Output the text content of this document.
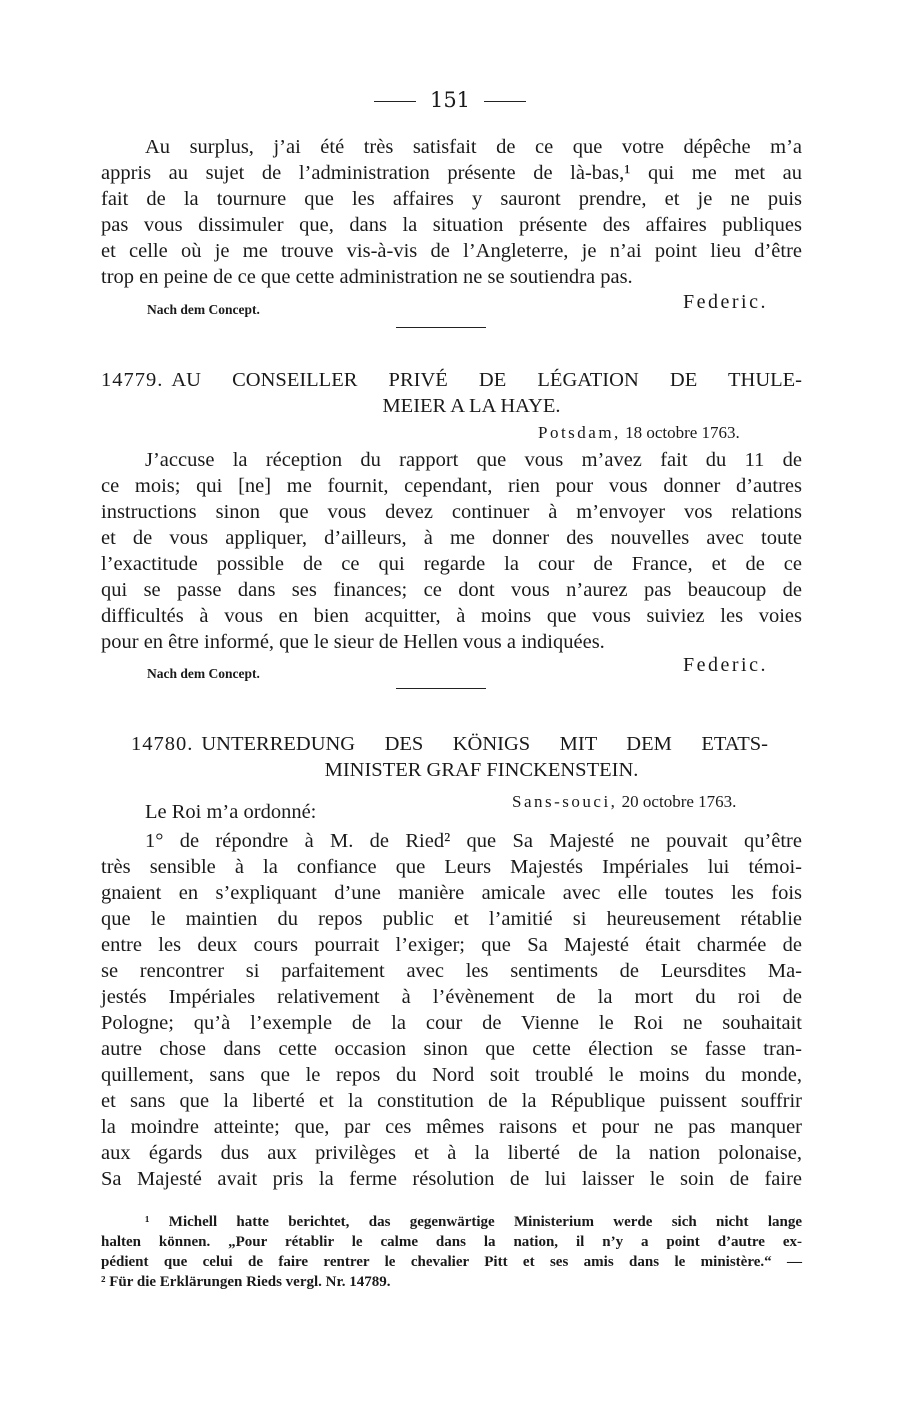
151
Au surplus, j’ai été très satisfait de ce que votre dépêche m’a
appris au sujet de l’administration présente de là-bas,¹ qui me met au
fait de la tournure que les affaires y sauront prendre, et je ne puis
pas vous dissimuler que, dans la situation présente des affaires publiques
et celle où je me trouve vis-à-vis de l’Angleterre, je n’ai point lieu d’être
trop en peine de ce que cette administration ne se soutiendra pas.
Nach dem Concept.	Federic.
14779. AU CONSEILLER PRIVÉ DE LÉGATION DE THULE-
MEIER A LA HAYE.
Potsdam, 18 octobre 1763.
J’accuse la réception du rapport que vous m’avez fait du 11 de
ce mois; qui [ne] me fournit, cependant, rien pour vous donner d’autres
instructions sinon que vous devez continuer à m’envoyer vos relations
et de vous appliquer, d’ailleurs, à me donner des nouvelles avec toute
l’exactitude possible de ce qui regarde la cour de France, et de ce
qui se passe dans ses finances; ce dont vous n’aurez pas beaucoup de
difficultés à vous en bien acquitter, à moins que vous suiviez les voies
pour en être informé, que le sieur de Hellen vous a indiquées.
Nach dem Concept.	Federic.
14780. UNTERREDUNG DES KÖNIGS MIT DEM ETATS-
MINISTER GRAF FINCKENSTEIN.
Sans-souci, 20 octobre 1763.
Le Roi m’a ordonné:
1° de répondre à M. de Ried² que Sa Majesté ne pouvait qu’être
très sensible à la confiance que Leurs Majestés Impériales lui témoi-
gnaient en s’expliquant d’une manière amicale avec elle toutes les fois
que le maintien du repos public et l’amitié si heureusement rétablie
entre les deux cours pourrait l’exiger; que Sa Majesté était charmée de
se rencontrer si parfaitement avec les sentiments de Leursdites Ma-
jestés Impériales relativement à l’évènement de la mort du roi de
Pologne; qu’à l’exemple de la cour de Vienne le Roi ne souhaitait
autre chose dans cette occasion sinon que cette élection se fasse tran-
quillement, sans que le repos du Nord soit troublé le moins du monde,
et sans que la liberté et la constitution de la République puissent souffrir
la moindre atteinte; que, par ces mêmes raisons et pour ne pas manquer
aux égards dus aux privilèges et à la liberté de la nation polonaise,
Sa Majesté avait pris la ferme résolution de lui laisser le soin de faire
¹ Michell hatte berichtet, das gegenwärtige Ministerium werde sich nicht lange
halten können. „Pour rétablir le calme dans la nation, il n’y a point d’autre ex-
pédient que celui de faire rentrer le chevalier Pitt et ses amis dans le ministère.“ —
² Für die Erklärungen Rieds vergl. Nr. 14789.
